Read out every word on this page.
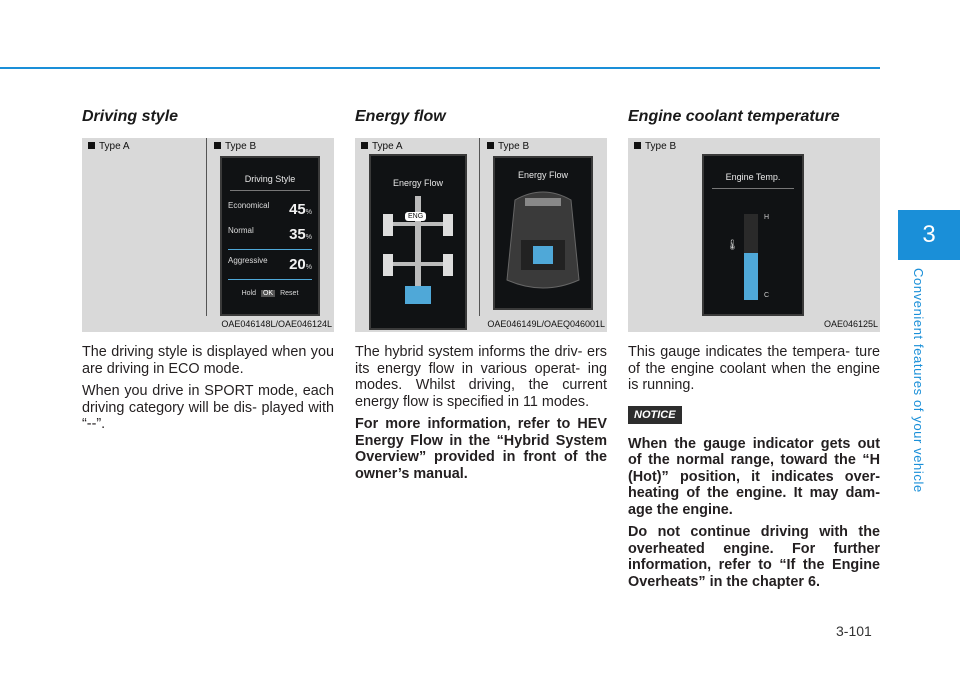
3
Convenient features of your vehicle
Driving style
Type A	Type B
Driving Style
Economical 45%
Normal 35%
Aggressive 20%
Hold OK Reset
OAE046148L/OAE046124L

The driving style is displayed when you are driving in ECO mode.

When you drive in SPORT mode, each driving category will be dis- played with “--”.

Energy flow
Type A	Type B
Energy Flow
ENG
Energy Flow
OAE046149L/OAEQ046001L

The hybrid system informs the driv- ers its energy flow in various operat- ing modes. Whilst driving, the current energy flow is specified in 11 modes.

For more information, refer to HEV Energy Flow in the “Hybrid System Overview” provided in front of the owner’s manual.

Engine coolant temperature
Type B
Engine Temp.
🌡
H
C
OAE046125L

This gauge indicates the tempera- ture of the engine coolant when the engine is running.

NOTICE

When the gauge indicator gets out of the normal range, toward the “H (Hot)” position, it indicates over- heating of the engine. It may dam- age the engine.

Do not continue driving with the overheated engine. For further information, refer to “If the Engine Overheats” in the chapter 6.

3-101
